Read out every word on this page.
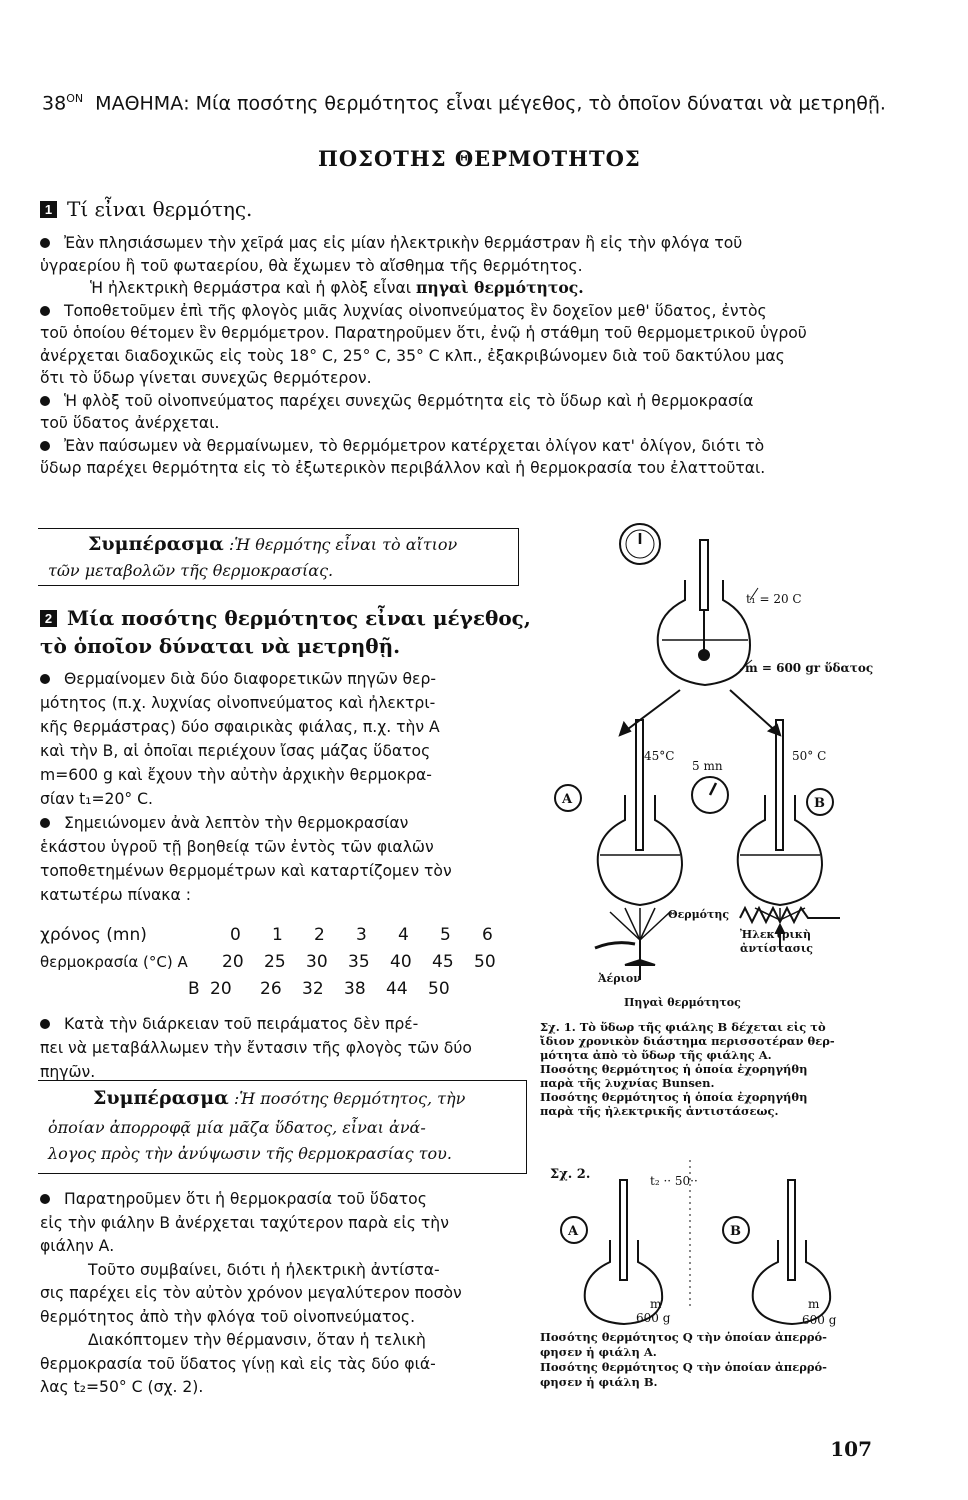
$38^{ON}$ ΜΑΘΗΜΑ: Μία ποσότης θερμότητος εἶναι μέγεθος, τὸ ὁποῖον δύναται νὰ μετρηθῇ.
ΠΟΣΟΤΗΣ ΘΕΡΜΟΤΗΤΟΣ
1 Τί εἶναι θερμότης.
Ἐὰν πλησιάσωμεν τὴν χεῖρά μας εἰς μίαν ἠλεκτρικὴν θερμάστραν ἢ εἰς τὴν φλόγα τοῦ
ὑγραερίου ἢ τοῦ φωταερίου, θὰ ἔχωμεν τὸ αἴσθημα τῆς θερμότητος.
Ἡ ἠλεκτρικὴ θερμάστρα καὶ ἡ φλὸξ εἶναι πηγαὶ θερμότητος.
Τοποθετοῦμεν ἐπὶ τῆς φλογὸς μιᾶς λυχνίας οἰνοπνεύματος ἓν δοχεῖον μεθ' ὕδατος, ἐντὸς
τοῦ ὁποίου θέτομεν ἓν θερμόμετρον. Παρατηροῦμεν ὅτι, ἐνῷ ἡ στάθμη τοῦ θερμομετρικοῦ ὑγροῦ
ἀνέρχεται διαδοχικῶς εἰς τοὺς 18° C, 25° C, 35° C κλπ., ἐξακριβώνομεν διὰ τοῦ δακτύλου μας
ὅτι τὸ ὕδωρ γίνεται συνεχῶς θερμότερον.
Ἡ φλὸξ τοῦ οἰνοπνεύματος παρέχει συνεχῶς θερμότητα εἰς τὸ ὕδωρ καὶ ἡ θερμοκρασία
τοῦ ὕδατος ἀνέρχεται.
Ἐὰν παύσωμεν νὰ θερμαίνωμεν, τὸ θερμόμετρον κατέρχεται ὀλίγον κατ' ὀλίγον, διότι τὸ
ὕδωρ παρέχει θερμότητα εἰς τὸ ἐξωτερικὸν περιβάλλον καὶ ἡ θερμοκρασία του ἐλαττοῦται.
Συμπέρασμα :Ἡ θερμότης εἶναι τὸ αἴτιον
τῶν μεταβολῶν τῆς θερμοκρασίας.
2 Μία ποσότης θερμότητος εἶναι μέγεθος,
τὸ ὁποῖον δύναται νὰ μετρηθῇ.
Θερμαίνομεν διὰ δύο διαφορετικῶν πηγῶν θερ-
μότητος (π.χ. λυχνίας οἰνοπνεύματος καὶ ἠλεκτρι-
κῆς θερμάστρας) δύο σφαιρικὰς φιάλας, π.χ. τὴν Α
καὶ τὴν Β, αἱ ὁποῖαι περιέχουν ἴσας μάζας ὕδατος
m=600 g καὶ ἔχουν τὴν αὐτὴν ἀρχικὴν θερμοκρα-
σίαν t₁=20° C.
Σημειώνομεν ἀνὰ λεπτὸν τὴν θερμοκρασίαν
ἑκάστου ὑγροῦ τῇ βοηθείᾳ τῶν ἐντὸς τῶν φιαλῶν
τοποθετημένων θερμομέτρων καὶ καταρτίζομεν τὸν
κατωτέρω πίνακα :
χρόνος (mn)	0 1 2 3 4 5 6
θερμοκρασία (°C) Α 20 25 30 35 40 45 50
Β 20 26 32 38 44 50
Κατὰ τὴν διάρκειαν τοῦ πειράματος δὲν πρέ-
πει νὰ μεταβάλλωμεν τὴν ἔντασιν τῆς φλογὸς τῶν δύο
πηγῶν.
Συμπέρασμα :Ἡ ποσότης θερμότητος, τὴν
ὁποίαν ἀπορροφᾷ μία μᾶζα ὕδατος, εἶναι ἀνά-
λογος πρὸς τὴν ἀνύψωσιν τῆς θερμοκρασίας του.
Παρατηροῦμεν ὅτι ἡ θερμοκρασία τοῦ ὕδατος
εἰς τὴν φιάλην Β ἀνέρχεται ταχύτερον παρὰ εἰς τὴν
φιάλην Α.
Τοῦτο συμβαίνει, διότι ἡ ἠλεκτρικὴ ἀντίστα-
σις παρέχει εἰς τὸν αὐτὸν χρόνον μεγαλύτερον ποσὸν
θερμότητος ἀπὸ τὴν φλόγα τοῦ οἰνοπνεύματος.
Διακόπτομεν τὴν θέρμανσιν, ὅταν ἡ τελικὴ
θερμοκρασία τοῦ ὕδατος γίνῃ καὶ εἰς τὰς δύο φιά-
λας t₂=50° C (σχ. 2).
t₁ = 20 C
m = 600 gr ὕδατος
45°C	50° C
5 mn
A	B
Θερμότης
Ἠλεκτρικὴ
ἀντίστασις
Ἀέριον
Πηγαὶ θερμότητος
Σχ. 1. Τὸ ὕδωρ τῆς φιάλης Β δέχεται εἰς τὸ
ἴδιον χρονικὸν διάστημα περισσοτέραν θερ-
μότητα ἀπὸ τὸ ὕδωρ τῆς φιάλης Α.
Ποσότης θερμότητος ἡ ὁποία ἐχορηγήθη
παρὰ τῆς λυχνίας Bunsen.
Ποσότης θερμότητος ἡ ὁποία ἐχορηγήθη
παρὰ τῆς ἠλεκτρικῆς ἀντιστάσεως.
Σχ. 2.	t₂ ·· 50··
A	B
m
600 g
m
600 g
Ποσότης θερμότητος Q τὴν ὁποίαν ἀπερρό-
φησεν ἡ φιάλη Α.
Ποσότης θερμότητος Q τὴν ὁποίαν ἀπερρό-
φησεν ἡ φιάλη Β.
107
